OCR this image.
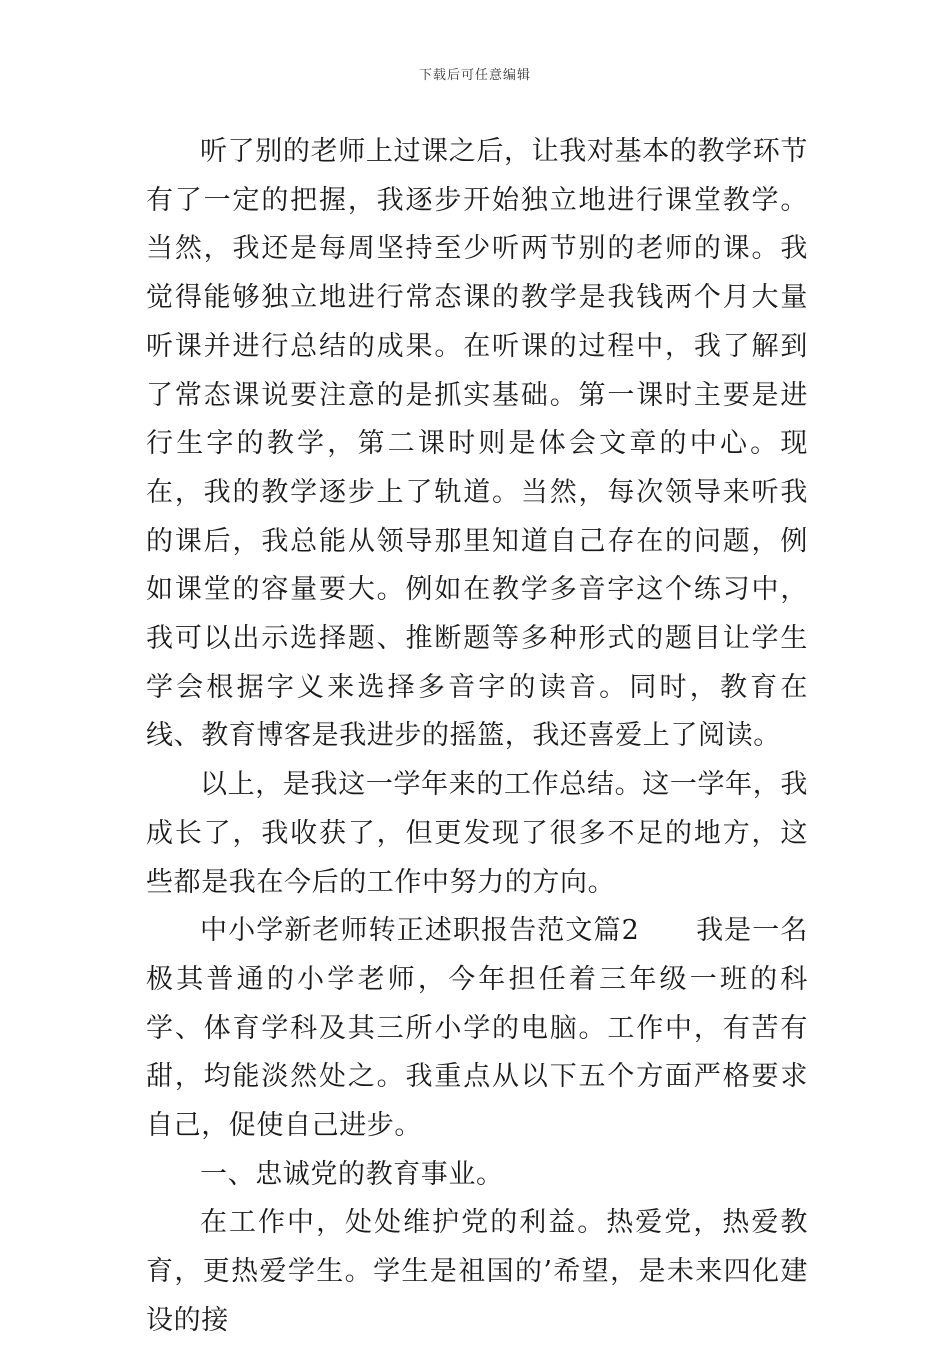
下载后可任意编辑

听了别的老师上过课之后，让我对基本的教学环节有了一定的把握，我逐步开始独立地进行课堂教学。当然，我还是每周坚持至少听两节别的老师的课。我觉得能够独立地进行常态课的教学是我钱两个月大量听课并进行总结的成果。在听课的过程中，我了解到了常态课说要注意的是抓实基础。第一课时主要是进行生字的教学，第二课时则是体会文章的中心。现在，我的教学逐步上了轨道。当然，每次领导来听我的课后，我总能从领导那里知道自己存在的问题，例如课堂的容量要大。例如在教学多音字这个练习中，我可以出示选择题、推断题等多种形式的题目让学生学会根据字义来选择多音字的读音。同时，教育在线、教育博客是我进步的摇篮，我还喜爱上了阅读。

以上，是我这一学年来的工作总结。这一学年，我成长了，我收获了，但更发现了很多不足的地方，这些都是我在今后的工作中努力的方向。

中小学新老师转正述职报告范文篇2　　我是一名极其普通的小学老师，今年担任着三年级一班的科学、体育学科及其三所小学的电脑。工作中，有苦有甜，均能淡然处之。我重点从以下五个方面严格要求自己，促使自己进步。

一、忠诚党的教育事业。

在工作中，处处维护党的利益。热爱党，热爱教育，更热爱学生。学生是祖国的’希望，是未来四化建设的接
